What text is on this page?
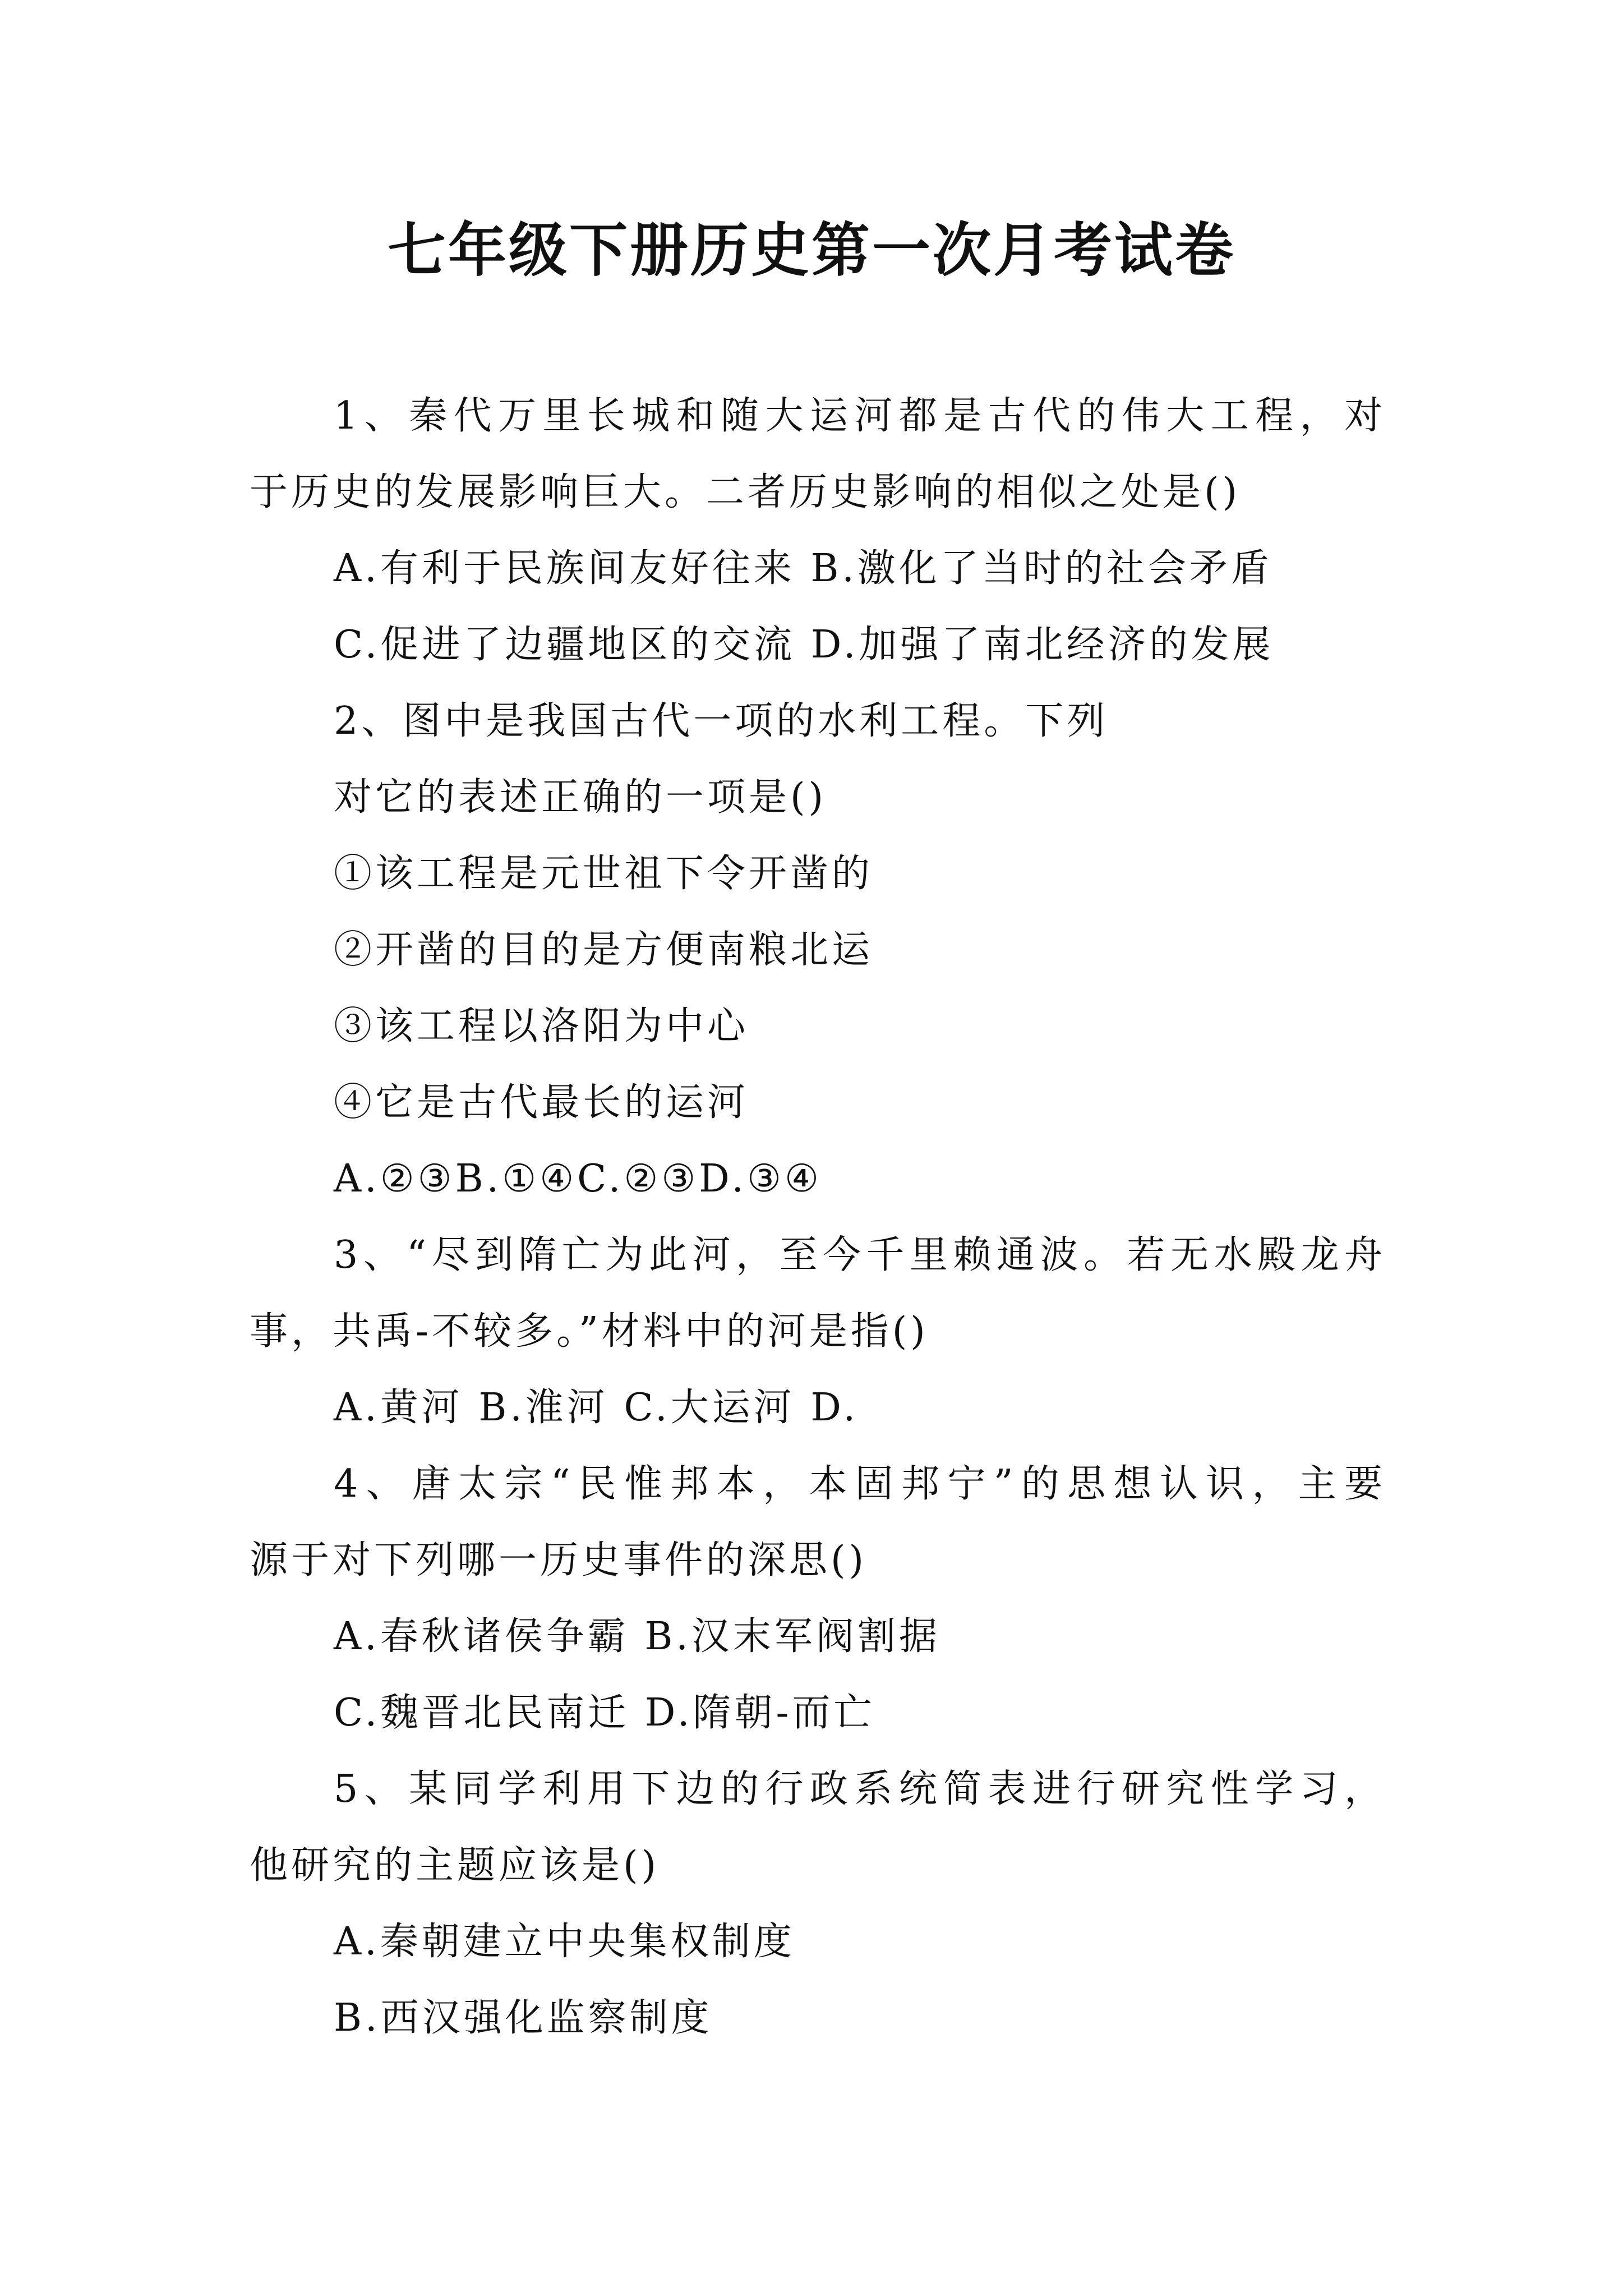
七年级下册历史第一次月考试卷
1、秦代万里长城和随大运河都是古代的伟大工程，对
于历史的发展影响巨大。二者历史影响的相似之处是()
A.有利于民族间友好往来 B.激化了当时的社会矛盾
C.促进了边疆地区的交流 D.加强了南北经济的发展
2、图中是我国古代一项的水利工程。下列
对它的表述正确的一项是()
①该工程是元世祖下令开凿的
②开凿的目的是方便南粮北运
③该工程以洛阳为中心
④它是古代最长的运河
A.②③B.①④C.②③D.③④
3、“尽到隋亡为此河，至今千里赖通波。若无水殿龙舟
事，共禹-不较多。”材料中的河是指()
A.黄河 B.淮河 C.大运河 D.
4、唐太宗“民惟邦本，本固邦宁”的思想认识，主要
源于对下列哪一历史事件的深思()
A.春秋诸侯争霸 B.汉末军阀割据
C.魏晋北民南迁 D.隋朝-而亡
5、某同学利用下边的行政系统简表进行研究性学习，
他研究的主题应该是()
A.秦朝建立中央集权制度
B.西汉强化监察制度
